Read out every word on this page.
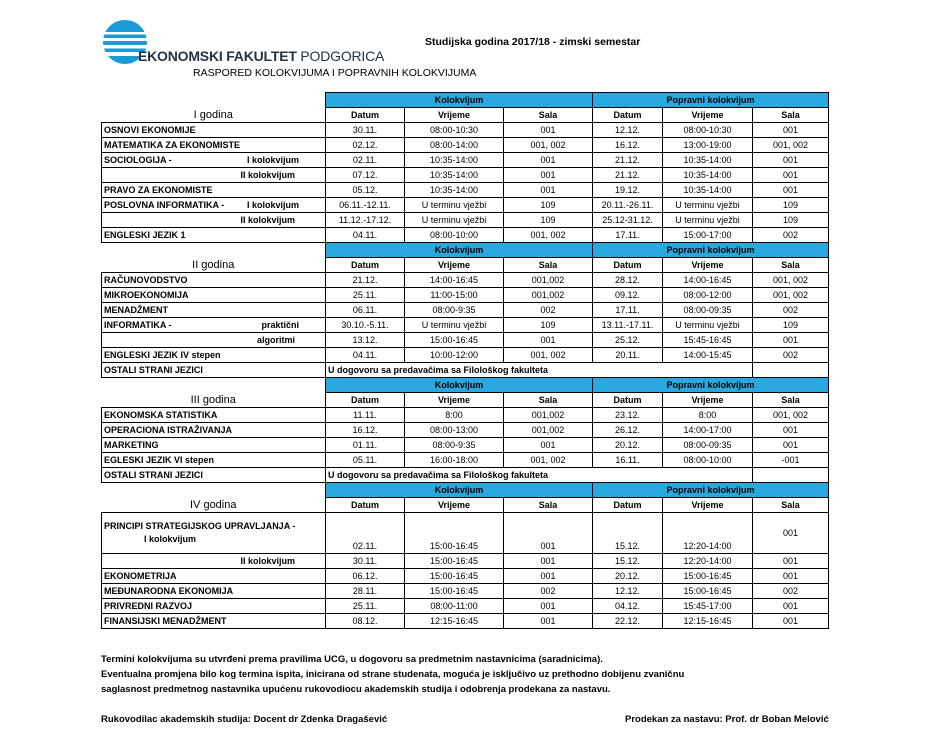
EKONOMSKI FAKULTET PODGORICA
Studijska godina 2017/18 - zimski semestar
RASPORED KOLOKVIJUMA I POPRAVNIH KOLOKVIJUMA
	Kolokvijum			Popravni kolokvijum		
I godina	Datum	Vrijeme	Sala	Datum	Vrijeme	Sala
OSNOVI EKONOMIJE	30.11.	08:00-10:30	001	12.12.	08:00-10:30	001
MATEMATIKA ZA EKONOMISTE	02.12.	08:00-14:00	001, 002	16.12.	13:00-19:00	001, 002
SOCIOLOGIJA - I kolokvijum	02.11.	10:35-14:00	001	21.12.	10:35-14:00	001

II kolokvijum	07.12.	10:35-14:00	001	21.12.	10:35-14:00	001
PRAVO ZA EKONOMISTE	05.12.	10:35-14:00	001	19.12.	10:35-14:00	001
POSLOVNA INFORMATIKA - I kolokvijum	06.11.-12.11.	U terminu vježbi	109	20.11.-26.11.	U terminu vježbi	109

II kolokvijum	11.12.-17.12.	U terminu vježbi	109	25.12-31.12.	U terminu vježbi	109
ENGLESKI JEZIK 1	04.11.	08:00-10:00	001, 002	17.11.	15:00-17:00	002
	Kolokvijum			Popravni kolokvijum		
II godina	Datum	Vrijeme	Sala	Datum	Vrijeme	Sala
RAČUNOVODSTVO	21.12.	14:00-16:45	001,002	28.12.	14:00-16:45	001, 002
MIKROEKONOMIJA	25.11.	11:00-15:00	001,002	09.12.	08:00-12:00	001, 002
MENADŽMENT	06.11.	08:00-9:35	002	17.11.	08:00-09:35	002
INFORMATIKA - praktični	30.10.-5.11.	U terminu vježbi	109	13.11.-17.11.	U terminu vježbi	109

algoritmi	13.12.	15:00-16:45	001	25.12.	15:45-16:45	001
ENGLESKI JEZIK IV stepen	04.11.	10:00-12:00	001, 002	20.11.	14:00-15:45	002
OSTALI STRANI JEZICI	U dogovoru sa predavačima sa Filološkog fakulteta					
	Kolokvijum			Popravni kolokvijum		
III godina	Datum	Vrijeme	Sala	Datum	Vrijeme	Sala
EKONOMSKA STATISTIKA	11.11.	8:00	001,002	23.12.	8:00	001, 002
OPERACIONA ISTRAŽIVANJA	16.12.	08:00-13:00	001,002	26.12.	14:00-17:00	001
MARKETING	01.11.	08:00-9:35	001	20.12.	08:00-09:35	001
EGLESKI JEZIK VI stepen	05.11.	16:00-18:00	001, 002	16.11.	08:00-10:00	-001
OSTALI STRANI JEZICI	U dogovoru sa predavačima sa Filološkog fakulteta					
	Kolokvijum			Popravni kolokvijum		
IV godina	Datum	Vrijeme	Sala	Datum	Vrijeme	Sala
PRINCIPI STRATEGIJSKOG UPRAVLJANJA -I kolokvijum	02.11.	15:00-16:45	001	15.12.	12:20-14:00	001

II kolokvijum	30.11.	15:00-16:45	001	15.12.	12:20-14:00	001
EKONOMETRIJA	06.12.	15:00-16:45	001	20.12.	15:00-16:45	001
MEĐUNARODNA EKONOMIJA	28.11.	15:00-16:45	002	12.12.	15:00-16:45	002
PRIVREDNI RAZVOJ	25.11.	08:00-11:00	001	04.12.	15:45-17:00	001
FINANSIJSKI MENADŽMENT	08.12.	12:15-16:45	001	22.12.	12:15-16:45	001
Termini kolokvijuma su utvrđeni prema pravilima UCG, u dogovoru sa predmetnim nastavnicima (saradnicima).
Eventualna promjena bilo kog termina ispita, inicirana od strane studenata, moguća je isključivo uz prethodno dobijenu zvaničnu
saglasnost predmetnog nastavnika upućenu rukovodiocu akademskih studija i odobrenja prodekana za nastavu.
Rukovodilac akademskih studija: Docent dr Zdenka Dragašević	Prodekan za nastavu: Prof. dr Boban Melović
